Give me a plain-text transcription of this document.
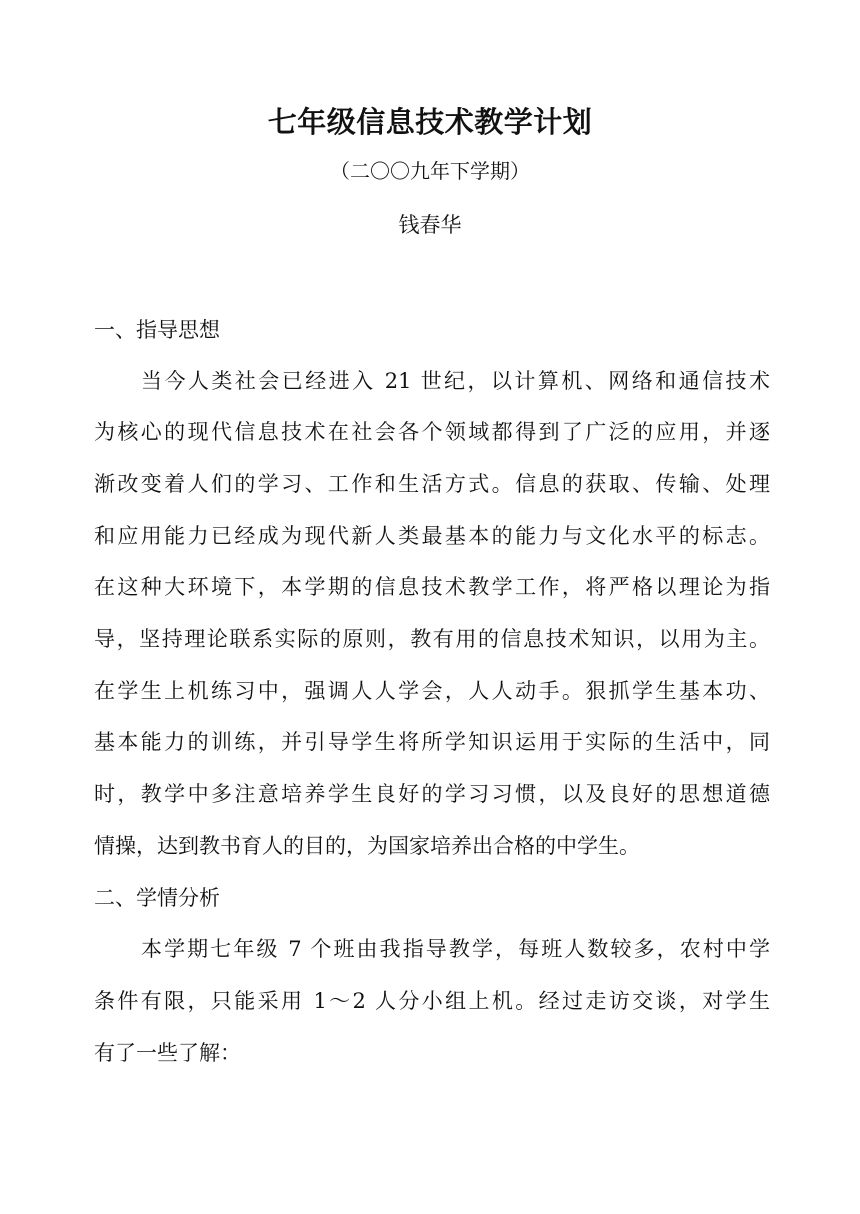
七年级信息技术教学计划
（二〇〇九年下学期）
钱春华
一、指导思想
当今人类社会已经进入 21 世纪，以计算机、网络和通信技术
为核心的现代信息技术在社会各个领域都得到了广泛的应用，并逐
渐改变着人们的学习、工作和生活方式。信息的获取、传输、处理
和应用能力已经成为现代新人类最基本的能力与文化水平的标志。
在这种大环境下，本学期的信息技术教学工作，将严格以理论为指
导，坚持理论联系实际的原则，教有用的信息技术知识，以用为主。
在学生上机练习中，强调人人学会，人人动手。狠抓学生基本功、
基本能力的训练，并引导学生将所学知识运用于实际的生活中，同
时，教学中多注意培养学生良好的学习习惯，以及良好的思想道德
情操，达到教书育人的目的，为国家培养出合格的中学生。
二、学情分析
本学期七年级 7 个班由我指导教学，每班人数较多，农村中学
条件有限，只能采用 1～2 人分小组上机。经过走访交谈，对学生
有了一些了解：
